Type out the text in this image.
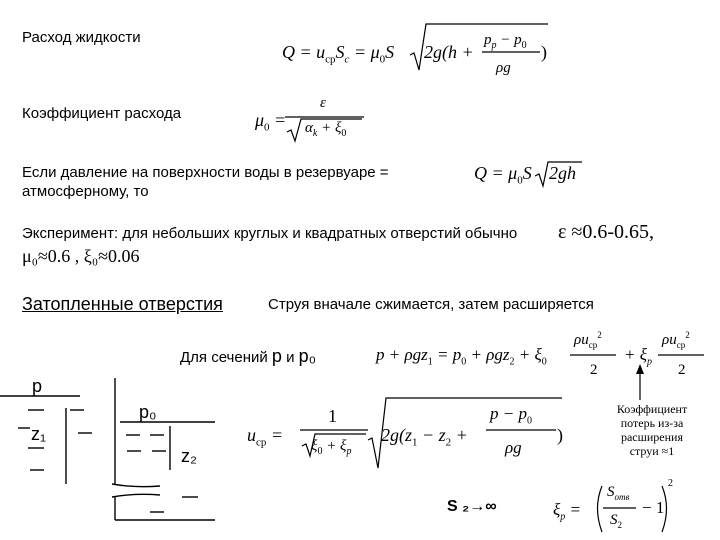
Расход жидкости
Коэффициент расхода
Если давление на поверхности воды в резервуаре =
атмосферному, то
Эксперимент: для небольших круглых и квадратных отверстий обычно ε ≈0.6-0.65,
μ₀≈0.6 , ξ₀≈0.06
Затопленные отверстия	Струя вначале сжимается, затем расширяется
Для сечений p и p₀
Коэффициент
потерь из-за
расширения
струи ≈1
S ₂→∞
p
p₀
z₁
z₂
$Q = u_{ср}S_c = \mu_0S$ 2g(h +
$p_p - p_0$
ρg
)
$\mu_0$ =
ε
$\alpha_k + \xi_0$
$Q = \mu_0S$ 2gh
$p + \rho gz_1 = p_0 + \rho gz_2 + \xi_0$
$\rho u_{ср}^2$
2
+ $\xi_p$
$\rho u_{ср}^2$
2
$u_{ср}$ =
1
$\xi_0 + \xi_p$
$2g(z_1 - z_2$ +
$p - p_0$
ρg
)
$\xi_p$ =
$S_{отв}$
$S_2$
− 1
2
